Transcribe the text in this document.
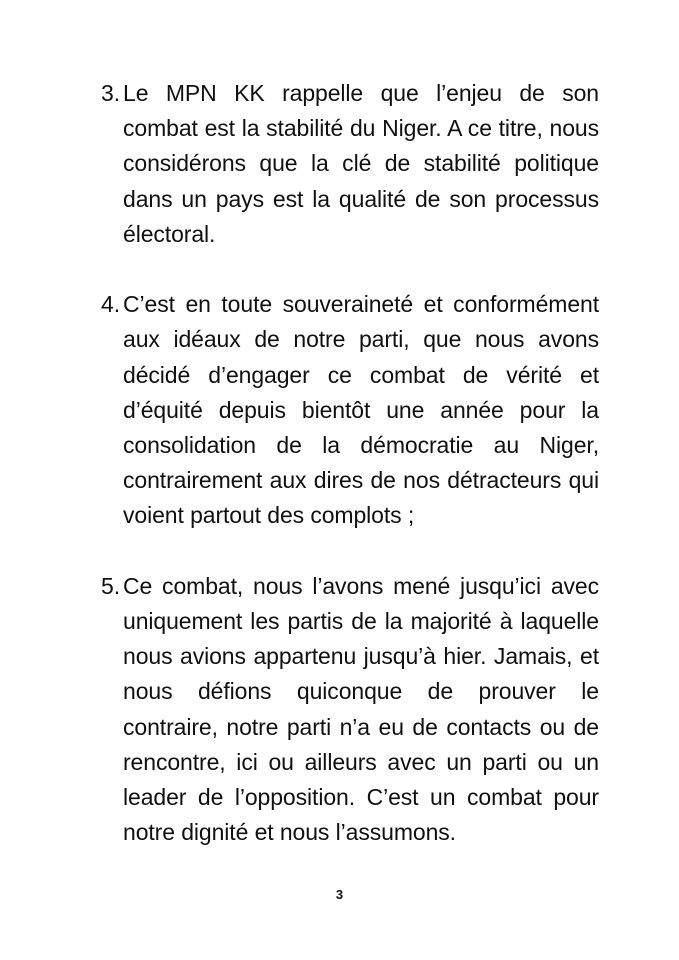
3. Le MPN KK rappelle que l’enjeu de son combat est la stabilité du Niger. A ce titre, nous considérons que la clé de stabilité politique dans un pays est la qualité de son processus électoral.
4. C’est en toute souveraineté et conformément aux idéaux de notre parti, que nous avons décidé d’engager ce combat de vérité et d’équité depuis bientôt une année pour la consolidation de la démocratie au Niger, contrairement aux dires de nos détracteurs qui voient partout des complots ;
5. Ce combat, nous l’avons mené jusqu’ici avec uniquement les partis de la majorité à laquelle nous avions appartenu jusqu’à hier. Jamais, et nous défions quiconque de prouver le contraire, notre parti n’a eu de contacts ou de rencontre, ici ou ailleurs avec un parti ou un leader de l’opposition. C’est un combat pour notre dignité et nous l’assumons.
3
